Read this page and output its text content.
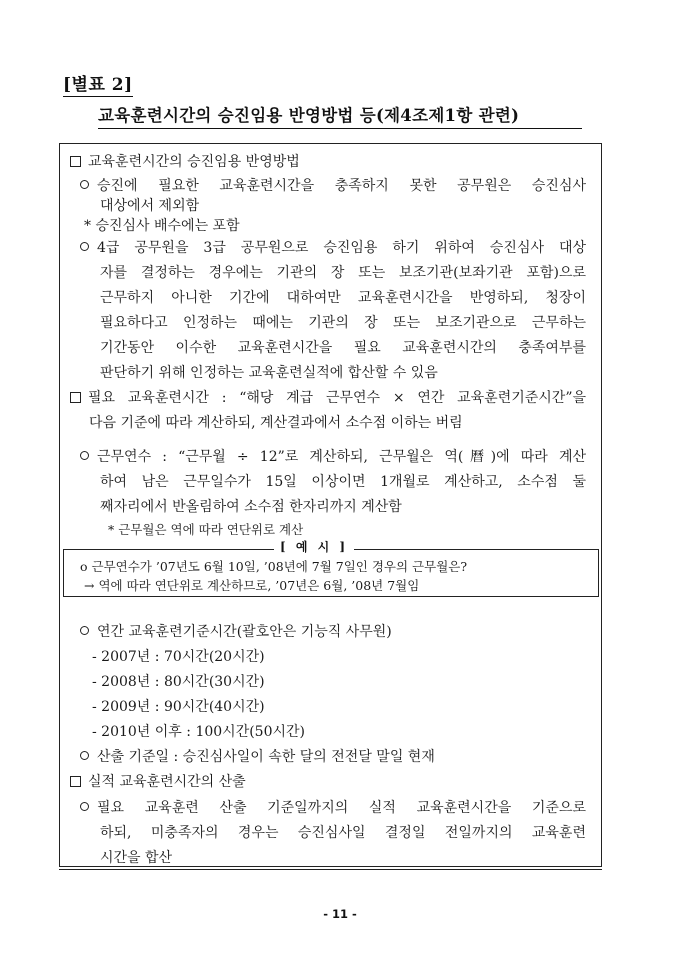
[별표 2]
교육훈련시간의 승진임용 반영방법 등(제4조제1항 관련)
교육훈련시간의 승진임용 반영방법
승진에 필요한 교육훈련시간을 충족하지 못한 공무원은 승진심사
대상에서 제외함
* 승진심사 배수에는 포함
4급 공무원을 3급 공무원으로 승진임용 하기 위하여 승진심사 대상
자를 결정하는 경우에는 기관의 장 또는 보조기관(보좌기관 포함)으로
근무하지 아니한 기간에 대하여만 교육훈련시간을 반영하되, 청장이
필요하다고 인정하는 때에는 기관의 장 또는 보조기관으로 근무하는
기간동안 이수한 교육훈련시간을 필요 교육훈련시간의 충족여부를
판단하기 위해 인정하는 교육훈련실적에 합산할 수 있음
필요 교육훈련시간 : “해당 계급 근무연수 × 연간 교육훈련기준시간”을
다음 기준에 따라 계산하되, 계산결과에서 소수점 이하는 버림
근무연수 : “근무월 ÷ 12”로 계산하되, 근무월은 역(曆)에 따라 계산
하여 남은 근무일수가 15일 이상이면 1개월로 계산하고, 소수점 둘
째자리에서 반올림하여 소수점 한자리까지 계산함
* 근무월은 역에 따라 연단위로 계산
[ 예 시 ]
o 근무연수가 ’07년도 6월 10일, ’08년에 7월 7일인 경우의 근무월은?
→ 역에 따라 연단위로 계산하므로, ’07년은 6월, ’08년 7월임
연간 교육훈련기준시간(괄호안은 기능직 사무원)
- 2007년 : 70시간(20시간)
- 2008년 : 80시간(30시간)
- 2009년 : 90시간(40시간)
- 2010년 이후 : 100시간(50시간)
산출 기준일 : 승진심사일이 속한 달의 전전달 말일 현재
실적 교육훈련시간의 산출
필요 교육훈련 산출 기준일까지의 실적 교육훈련시간을 기준으로
하되, 미충족자의 경우는 승진심사일 결정일 전일까지의 교육훈련
시간을 합산
- 11 -
